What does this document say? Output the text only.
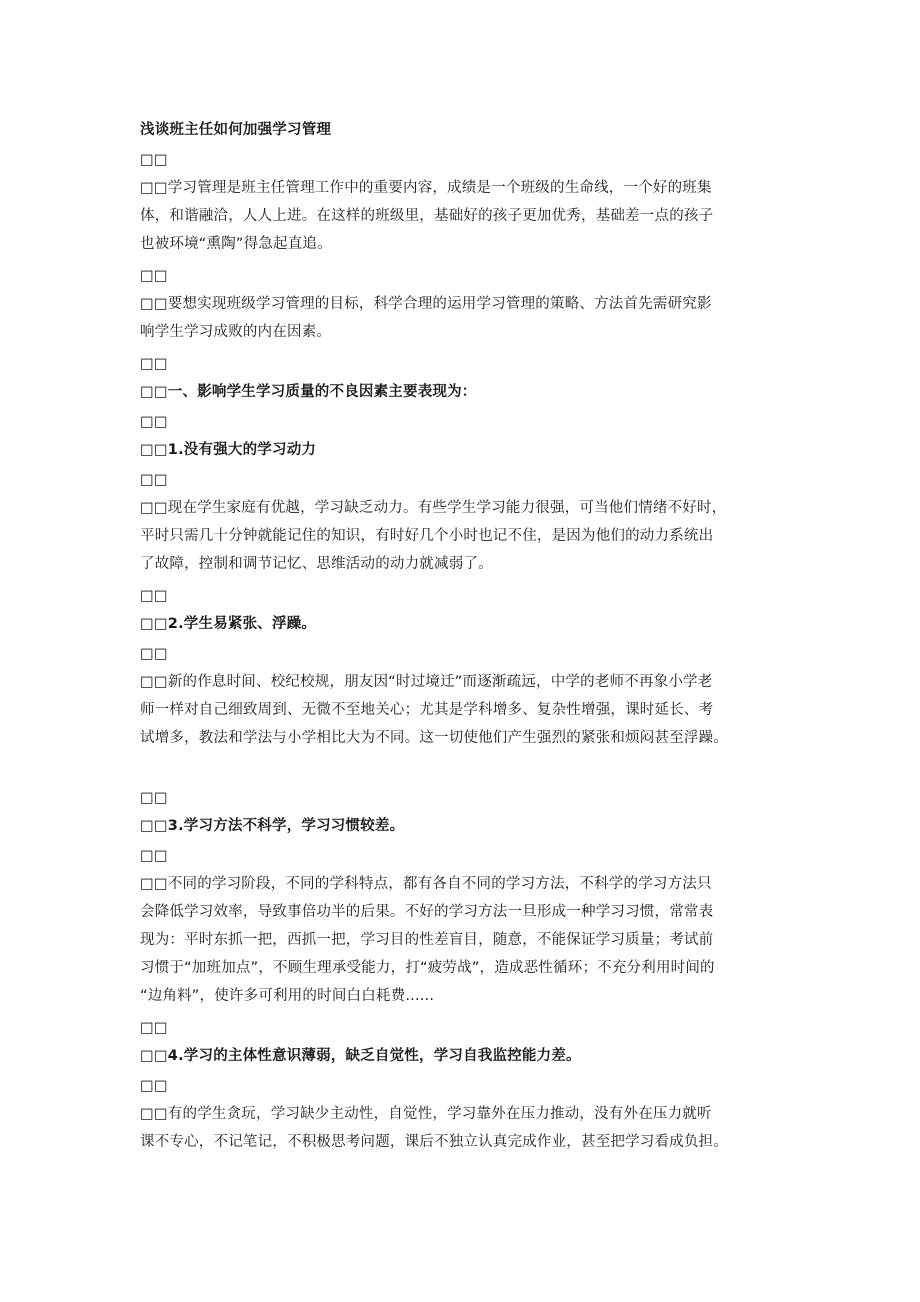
浅谈班主任如何加强学习管理
□□
□□学习管理是班主任管理工作中的重要内容，成绩是一个班级的生命线，一个好的班集
体，和谐融洽，人人上进。在这样的班级里，基础好的孩子更加优秀，基础差一点的孩子
也被环境“熏陶”得急起直追。
□□
□□要想实现班级学习管理的目标，科学合理的运用学习管理的策略、方法首先需研究影
响学生学习成败的内在因素。
□□
□□一、影响学生学习质量的不良因素主要表现为：
□□
□□1.没有强大的学习动力
□□
□□现在学生家庭有优越，学习缺乏动力。有些学生学习能力很强，可当他们情绪不好时，
平时只需几十分钟就能记住的知识，有时好几个小时也记不住，是因为他们的动力系统出
了故障，控制和调节记忆、思维活动的动力就减弱了。
□□
□□2.学生易紧张、浮躁。
□□
□□新的作息时间、校纪校规，朋友因“时过境迁”而逐渐疏远，中学的老师不再象小学老
师一样对自己细致周到、无微不至地关心；尤其是学科增多、复杂性增强，课时延长、考
试增多，教法和学法与小学相比大为不同。这一切使他们产生强烈的紧张和烦闷甚至浮躁。
□□
□□3.学习方法不科学，学习习惯较差。
□□
□□不同的学习阶段，不同的学科特点，都有各自不同的学习方法，不科学的学习方法只
会降低学习效率，导致事倍功半的后果。不好的学习方法一旦形成一种学习习惯，常常表
现为：平时东抓一把，西抓一把，学习目的性差盲目，随意，不能保证学习质量；考试前
习惯于“加班加点”，不顾生理承受能力，打“疲劳战”，造成恶性循环；不充分利用时间的
“边角料”，使许多可利用的时间白白耗费......
□□
□□4.学习的主体性意识薄弱，缺乏自觉性，学习自我监控能力差。
□□
□□有的学生贪玩，学习缺少主动性，自觉性，学习靠外在压力推动，没有外在压力就听
课不专心，不记笔记，不积极思考问题，课后不独立认真完成作业，甚至把学习看成负担。
